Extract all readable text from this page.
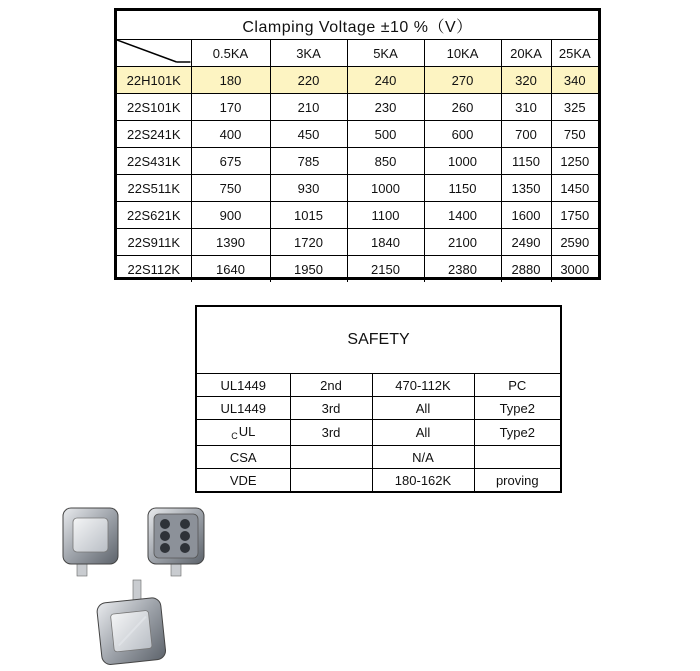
Clamping Voltage ±10 %（V）						

	0.5KA	3KA	5KA	10KA	20KA	25KA
22H101K	180	220	240	270	320	340
22S101K	170	210	230	260	310	325
22S241K	400	450	500	600	700	750
22S431K	675	785	850	1000	1150	1250
22S511K	750	930	1000	1150	1350	1450
22S621K	900	1015	1100	1400	1600	1750
22S911K	1390	1720	1840	2100	2490	2590
22S112K	1640	1950	2150	2380	2880	3000
SAFETY			
UL1449	2nd	470-112K	PC
UL1449	3rd	All	Type2
$_C$UL	3rd	All	Type2
CSA		N/A	
VDE		180-162K	proving
